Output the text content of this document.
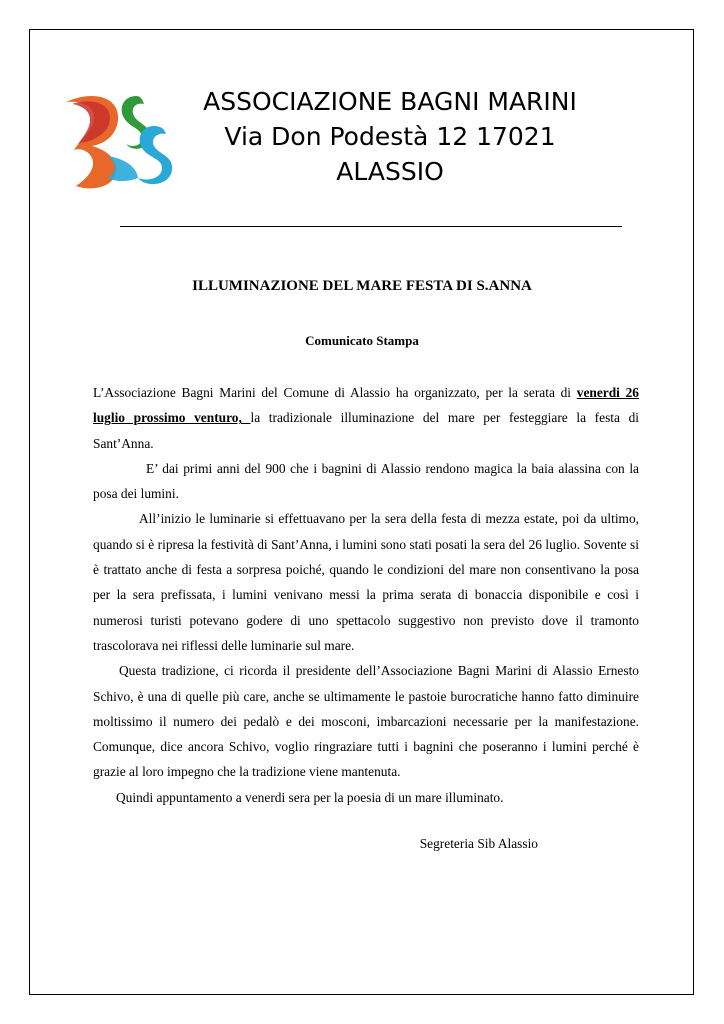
ASSOCIAZIONE BAGNI MARINI
Via Don Podestà 12 17021
ALASSIO
ILLUMINAZIONE DEL MARE FESTA DI S.ANNA
Comunicato Stampa

L’Associazione Bagni Marini del Comune di Alassio ha organizzato, per la serata di venerdi 26 luglio prossimo venturo, la tradizionale illuminazione del mare per festeggiare la festa di Sant’Anna.

E’ dai primi anni del 900 che i bagnini di Alassio rendono magica la baia alassina con la posa dei lumini.

All’inizio le luminarie si effettuavano per la sera della festa di mezza estate, poi da ultimo, quando si è ripresa la festività di Sant’Anna, i lumini sono stati posati la sera del 26 luglio. Sovente si è trattato anche di festa a sorpresa poiché, quando le condizioni del mare non consentivano la posa per la sera prefissata, i lumini venivano messi la prima serata di bonaccia disponibile e così i numerosi turisti potevano godere di uno spettacolo suggestivo non previsto dove il tramonto trascolorava nei riflessi delle luminarie sul mare.

Questa tradizione, ci ricorda il presidente dell’Associazione Bagni Marini di Alassio Ernesto Schivo, è una di quelle più care, anche se ultimamente le pastoie burocratiche hanno fatto diminuire moltissimo il numero dei pedalò e dei mosconi, imbarcazioni necessarie per la manifestazione. Comunque, dice ancora Schivo, voglio ringraziare tutti i bagnini che poseranno i lumini perché è grazie al loro impegno che la tradizione viene mantenuta.

Quindi appuntamento a venerdi sera per la poesia di un mare illuminato.

Segreteria Sib Alassio
